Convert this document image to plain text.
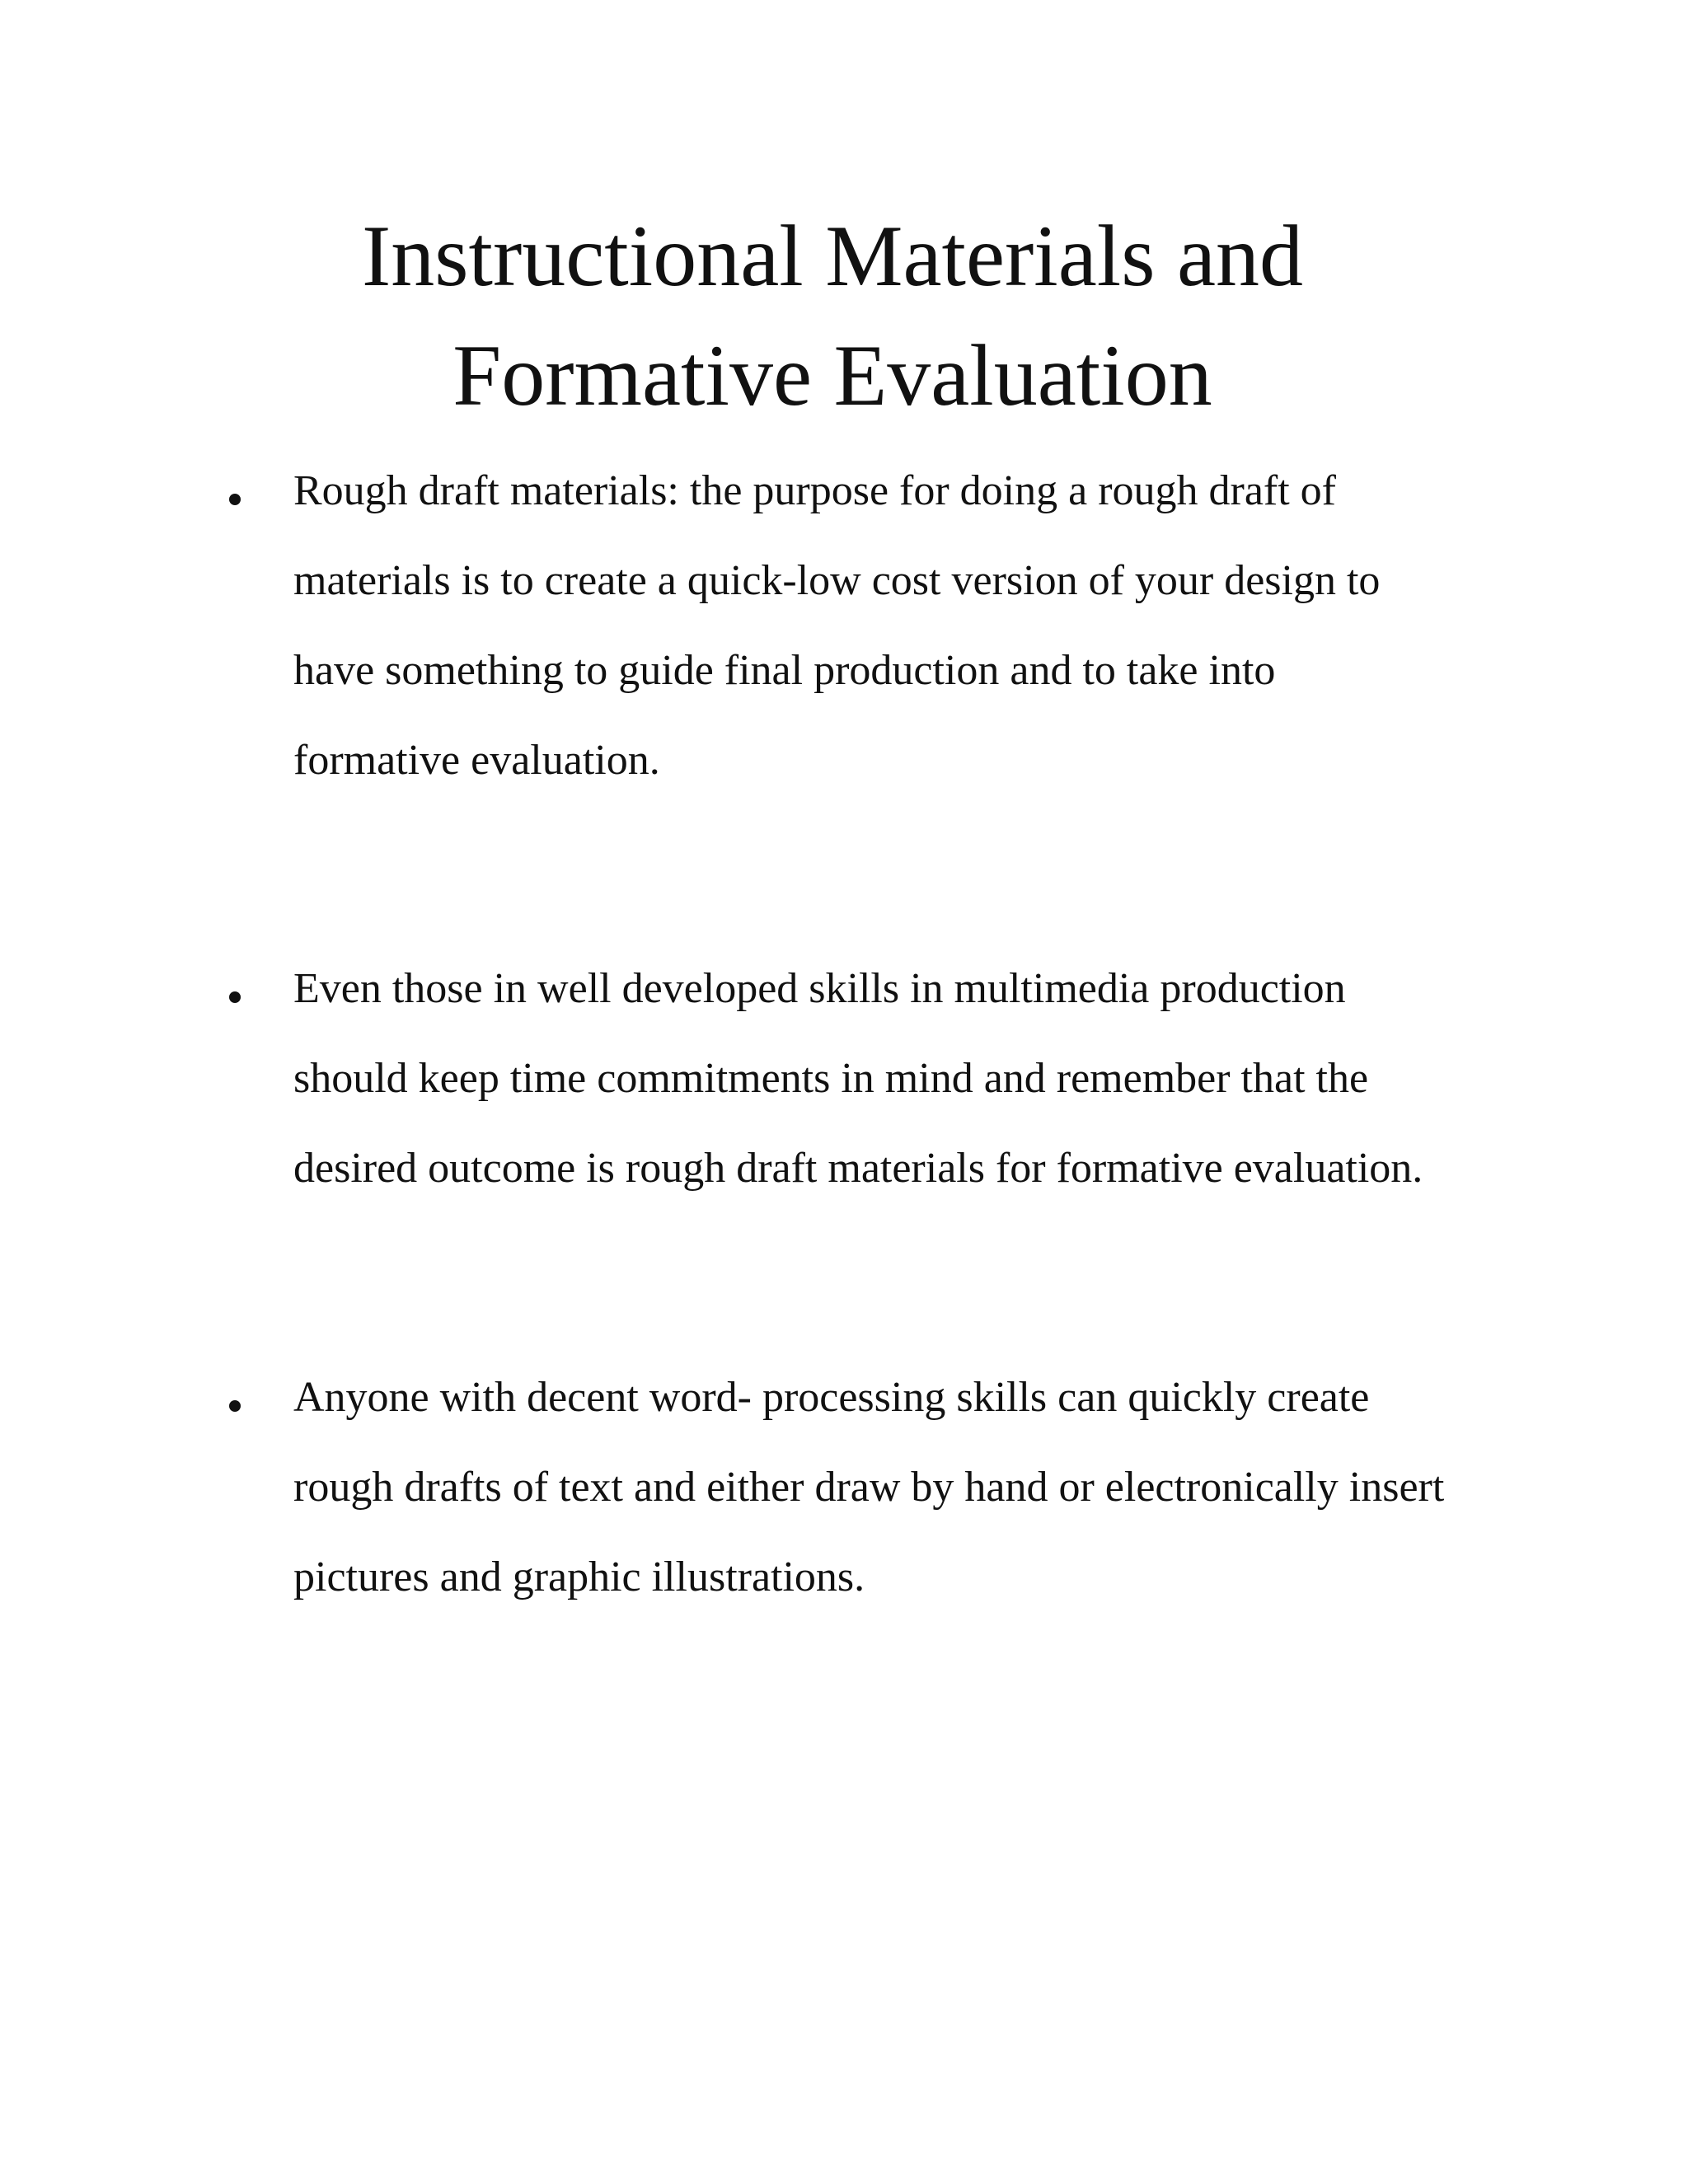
Instructional Materials and
Formative Evaluation
Rough draft materials: the purpose for doing a rough draft of
materials is to create a quick-low cost version of your design to
have something to guide final production and to take into
formative evaluation.
Even those in well developed skills in multimedia production
should keep time commitments in mind and remember that the
desired outcome is rough draft materials for formative evaluation.
Anyone with decent word- processing skills can quickly create
rough drafts of text and either draw by hand or electronically insert
pictures and graphic illustrations.
